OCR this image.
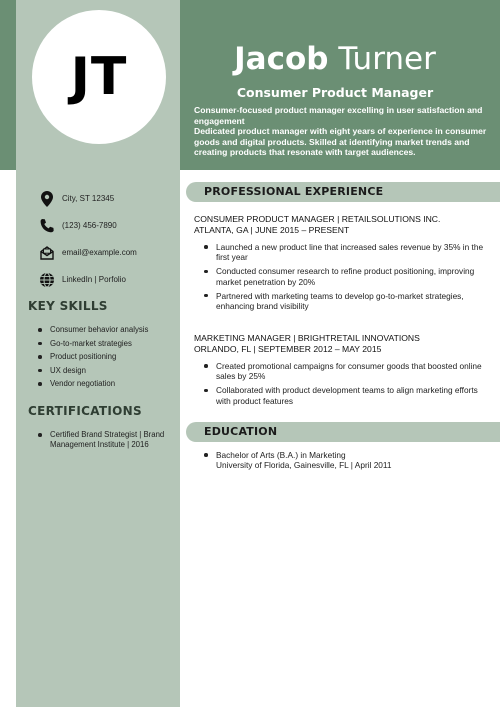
JT	Jacob Turner
Consumer Product Manager

Consumer-focused product manager excelling in user satisfaction and engagement

Dedicated product manager with eight years of experience in consumer goods and digital products. Skilled at identifying market trends and creating products that resonate with target audiences.

City, ST 12345
(123) 456-7890
email@example.com
LinkedIn | Porfolio
KEY SKILLS
Consumer behavior analysis
Go-to-market strategies
Product positioning
UX design
Vendor negotiation
CERTIFICATIONS
Certified Brand Strategist | Brand Management Institute | 2016
PROFESSIONAL EXPERIENCE
CONSUMER PRODUCT MANAGER | RETAILSOLUTIONS INC.
ATLANTA, GA | JUNE 2015 – PRESENT
Launched a new product line that increased sales revenue by 35% in the first year
Conducted consumer research to refine product positioning, improving market penetration by 20%
Partnered with marketing teams to develop go-to-market strategies, enhancing brand visibility
MARKETING MANAGER | BRIGHTRETAIL INNOVATIONS
ORLANDO, FL | SEPTEMBER 2012 – MAY 2015
Created promotional campaigns for consumer goods that boosted online sales by 25%
Collaborated with product development teams to align marketing efforts with product features
EDUCATION
Bachelor of Arts (B.A.) in Marketing
University of Florida, Gainesville, FL | April 2011
